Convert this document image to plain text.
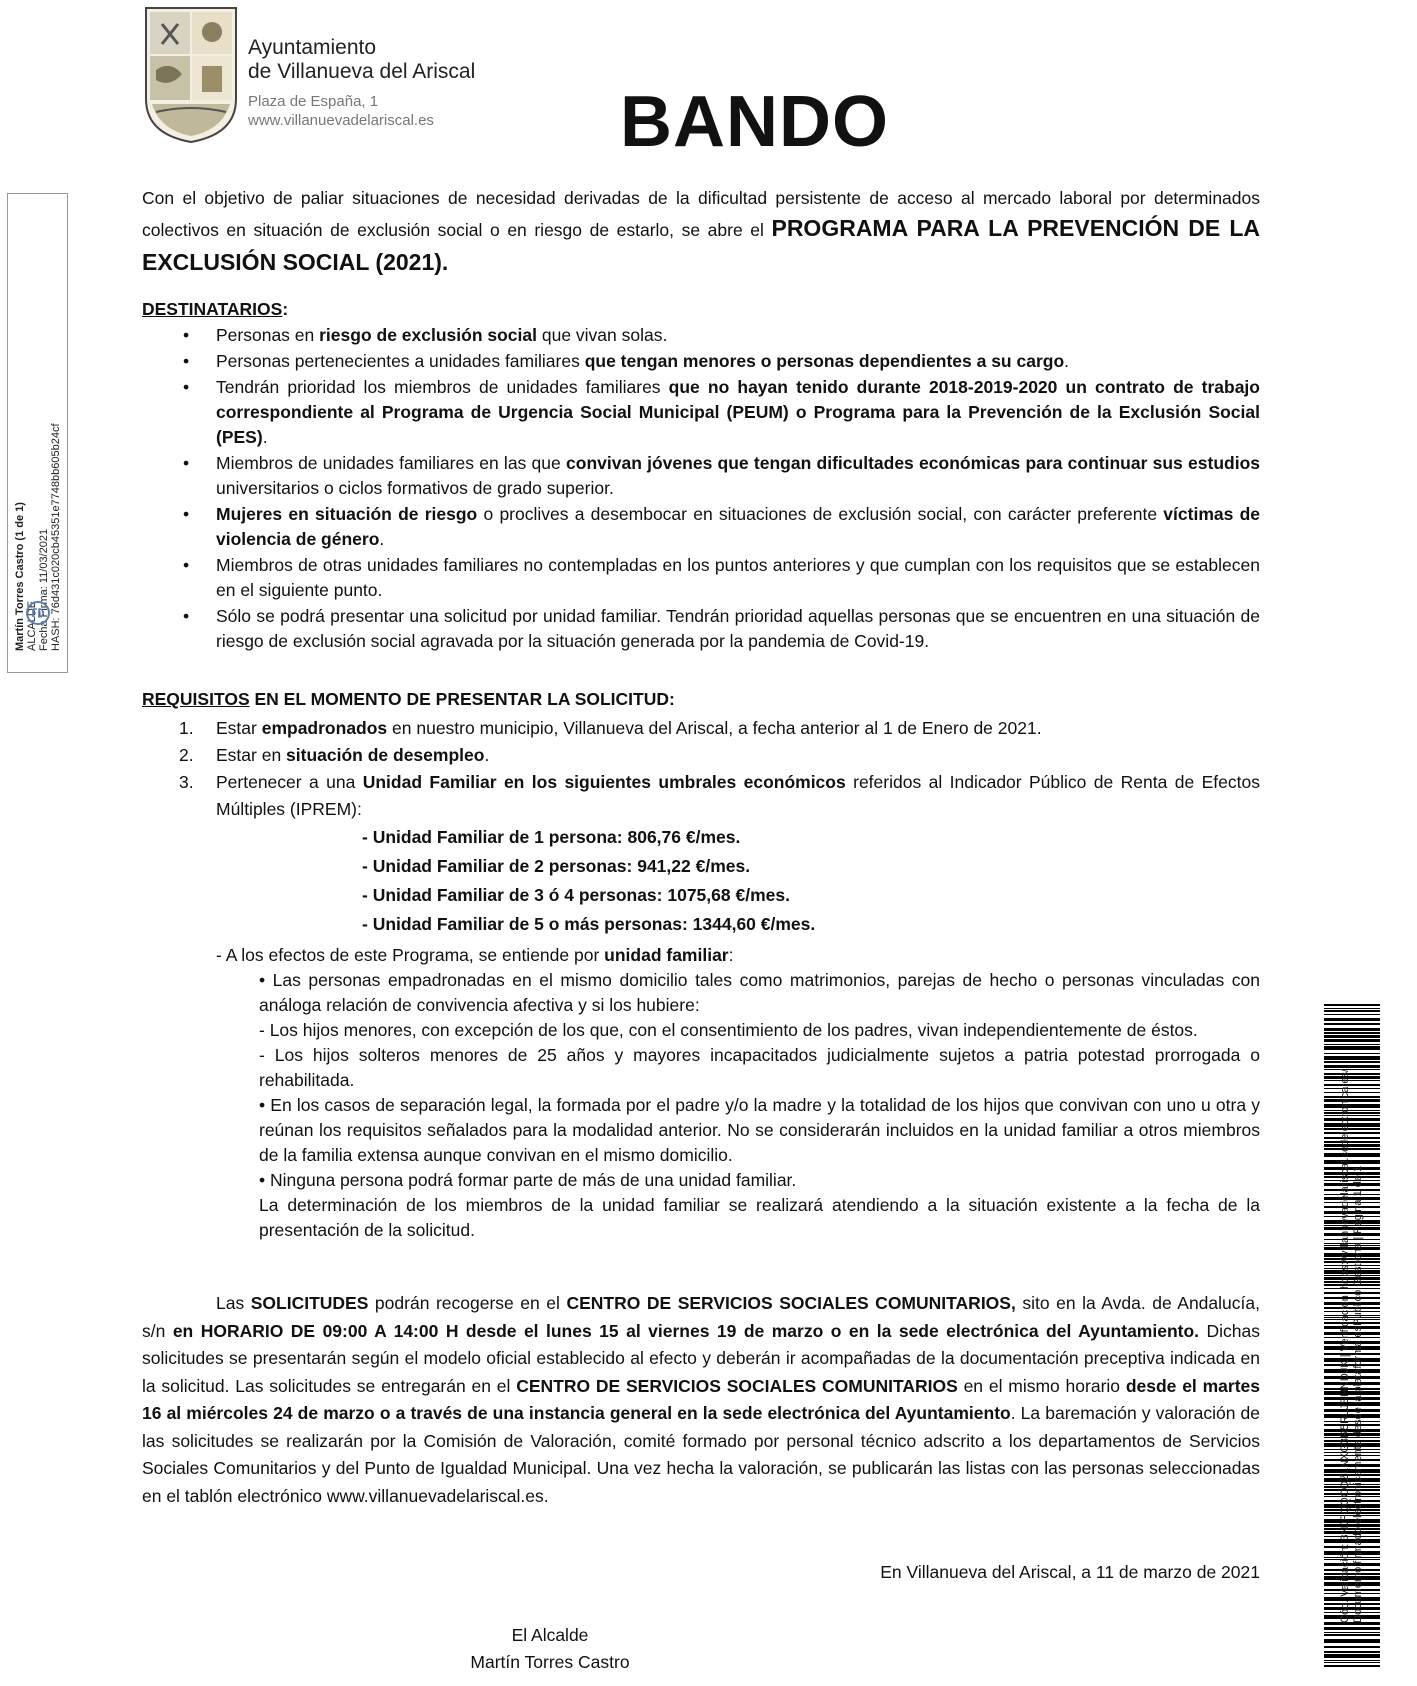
Ayuntamiento
de Villanueva del Ariscal
Plaza de España, 1
www.villanuevadelariscal.es	BANDO
Martín Torres Castro (1 de 1) ALCALDE Fecha Firma: 11/03/2021 HASH: 76d431c020cb45351e7748bb605b24cf
Cód. Validación: 3NJFQQCQZLNXG3R5RLJSHNDJK | Verificación: https://villanuevadelariscal.sedelectronica.es/ Documento firmado electrónicamente desde la plataforma esPublico Gestiona | Página 1 de 1
Con el objetivo de paliar situaciones de necesidad derivadas de la dificultad persistente de acceso al mercado laboral por determinados colectivos en situación de exclusión social o en riesgo de estarlo, se abre el PROGRAMA PARA LA PREVENCIÓN DE LA EXCLUSIÓN SOCIAL (2021).
DESTINATARIOS:
• Personas en riesgo de exclusión social que vivan solas.
• Personas pertenecientes a unidades familiares que tengan menores o personas dependientes a su cargo.
• Tendrán prioridad los miembros de unidades familiares que no hayan tenido durante 2018-2019-2020 un contrato de trabajo correspondiente al Programa de Urgencia Social Municipal (PEUM) o Programa para la Prevención de la Exclusión Social (PES).
• Miembros de unidades familiares en las que convivan jóvenes que tengan dificultades económicas para continuar sus estudios universitarios o ciclos formativos de grado superior.
• Mujeres en situación de riesgo o proclives a desembocar en situaciones de exclusión social, con carácter preferente víctimas de violencia de género.
• Miembros de otras unidades familiares no contempladas en los puntos anteriores y que cumplan con los requisitos que se establecen en el siguiente punto.
• Sólo se podrá presentar una solicitud por unidad familiar. Tendrán prioridad aquellas personas que se encuentren en una situación de riesgo de exclusión social agravada por la situación generada por la pandemia de Covid-19.
REQUISITOS EN EL MOMENTO DE PRESENTAR LA SOLICITUD:
1. Estar empadronados en nuestro municipio, Villanueva del Ariscal, a fecha anterior al 1 de Enero de 2021.
2. Estar en situación de desempleo.
3. Pertenecer a una Unidad Familiar en los siguientes umbrales económicos referidos al Indicador Público de Renta de Efectos Múltiples (IPREM):
- Unidad Familiar de 1 persona: 806,76 €/mes.
- Unidad Familiar de 2 personas: 941,22 €/mes.
- Unidad Familiar de 3 ó 4 personas: 1075,68 €/mes.
- Unidad Familiar de 5 o más personas: 1344,60 €/mes.
- A los efectos de este Programa, se entiende por unidad familiar:
• Las personas empadronadas en el mismo domicilio tales como matrimonios, parejas de hecho o personas vinculadas con análoga relación de convivencia afectiva y si los hubiere:
- Los hijos menores, con excepción de los que, con el consentimiento de los padres, vivan independientemente de éstos.
- Los hijos solteros menores de 25 años y mayores incapacitados judicialmente sujetos a patria potestad prorrogada o rehabilitada.
• En los casos de separación legal, la formada por el padre y/o la madre y la totalidad de los hijos que convivan con uno u otra y reúnan los requisitos señalados para la modalidad anterior. No se considerarán incluidos en la unidad familiar a otros miembros de la familia extensa aunque convivan en el mismo domicilio.
• Ninguna persona podrá formar parte de más de una unidad familiar.
La determinación de los miembros de la unidad familiar se realizará atendiendo a la situación existente a la fecha de la presentación de la solicitud.
Las SOLICITUDES podrán recogerse en el CENTRO DE SERVICIOS SOCIALES COMUNITARIOS, sito en la Avda. de Andalucía, s/n en HORARIO DE 09:00 A 14:00 H desde el lunes 15 al viernes 19 de marzo o en la sede electrónica del Ayuntamiento. Dichas solicitudes se presentarán según el modelo oficial establecido al efecto y deberán ir acompañadas de la documentación preceptiva indicada en la solicitud. Las solicitudes se entregarán en el CENTRO DE SERVICIOS SOCIALES COMUNITARIOS en el mismo horario desde el martes 16 al miércoles 24 de marzo o a través de una instancia general en la sede electrónica del Ayuntamiento. La baremación y valoración de las solicitudes se realizarán por la Comisión de Valoración, comité formado por personal técnico adscrito a los departamentos de Servicios Sociales Comunitarios y del Punto de Igualdad Municipal. Una vez hecha la valoración, se publicarán las listas con las personas seleccionadas en el tablón electrónico www.villanuevadelariscal.es.
En Villanueva del Ariscal, a 11 de marzo de 2021
El Alcalde
Martín Torres Castro
